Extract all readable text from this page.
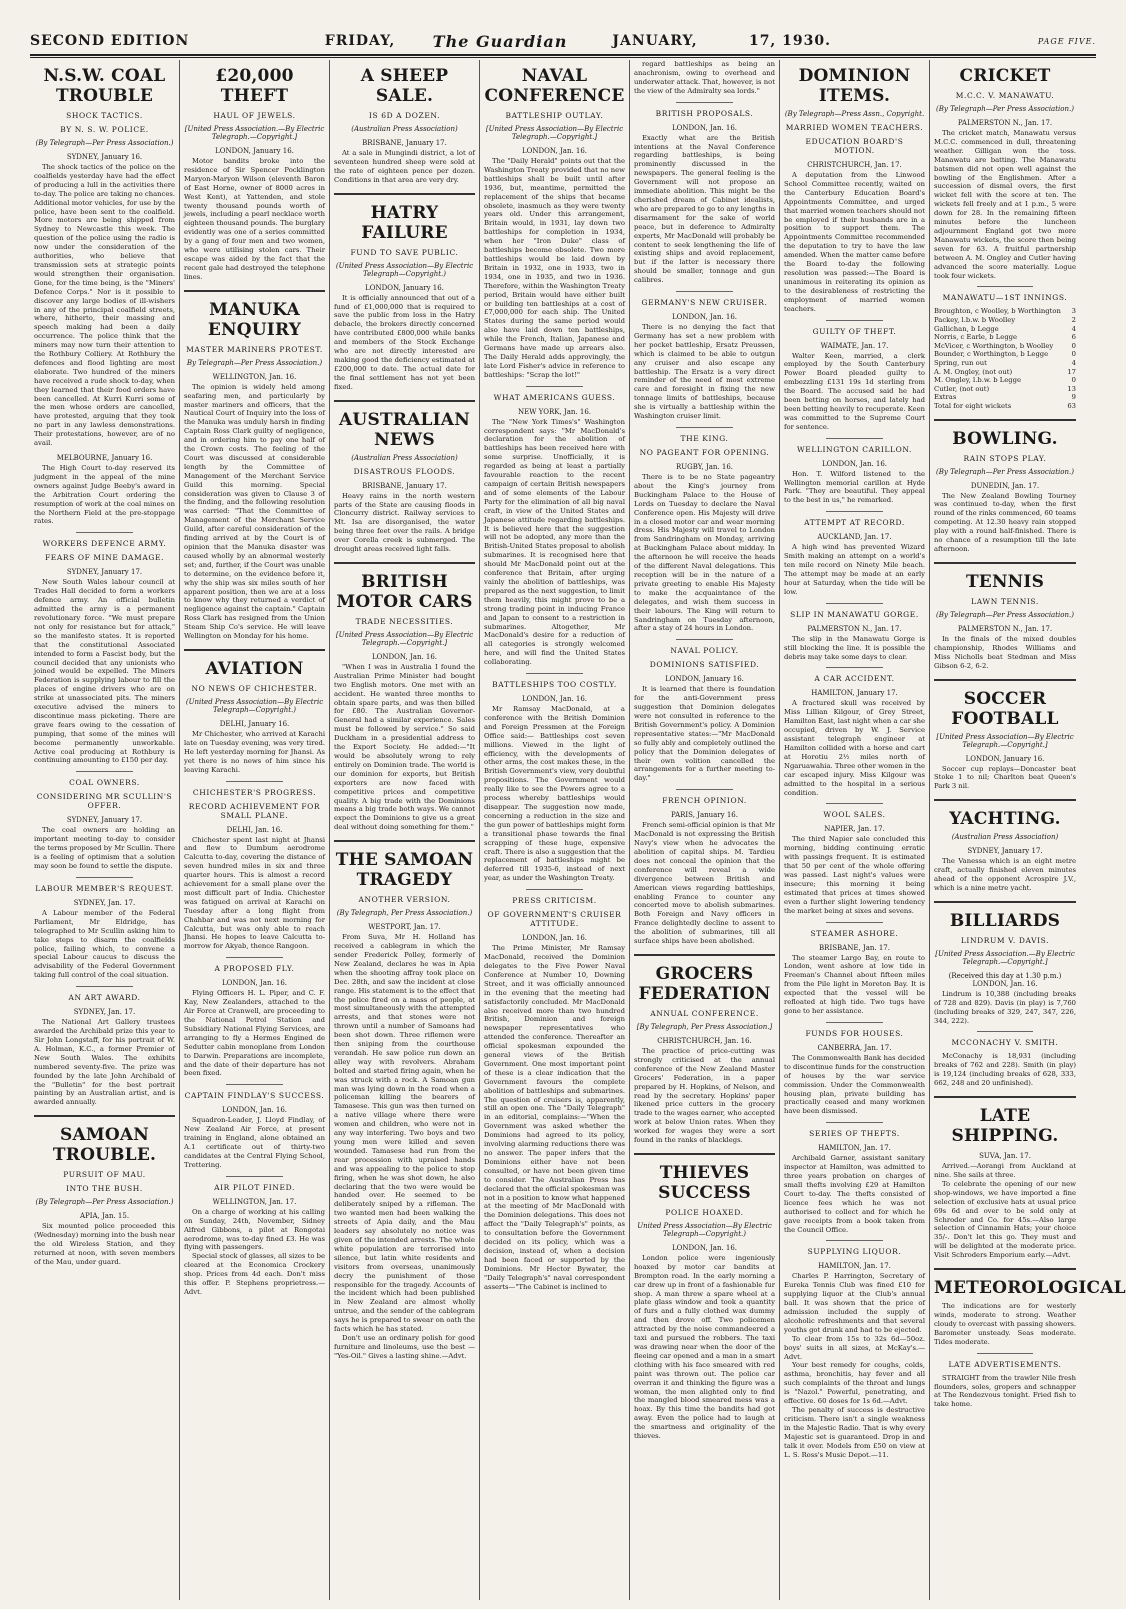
SECOND EDITION	FRIDAY,	The Guardian	JANUARY,	17, 1930.	PAGE FIVE.
N.S.W. COAL TROUBLE
SHOCK TACTICS.
BY N. S. W. POLICE.
(By Telegraph—Per Press Association.)
SYDNEY, January 16.

The shock tactics of the police on the coalfields yesterday have had the effect of producing a lull in the activities there to-day. The police are taking no chances. Additional motor vehicles, for use by the police, have been sent to the coalfield. More motors are being shipped from Sydney to Newcastle this week. The question of the police using the radio is now under the consideration of the authorities, who believe that transmission sets at strategic points would strengthen their organisation. Gone, for the time being, is the "Miners' Defence Corps." Nor is it possible to discover any large bodies of ill-wishers in any of the principal coalfield streets, where, hitherto, their massing and speech making had been a daily occurrence. The police think that the miners may now turn their attention to the Rothbury Colliery. At Rothbury the defences and flood lighting are most elaborate. Two hundred of the miners have received a rude shock to-day, when they learned that their food orders have been cancelled. At Kurri Kurri some of the men whose orders are cancelled, have protested, arguing that they took no part in any lawless demonstrations. Their protestations, however, are of no avail.

MELBOURNE, January 16.

The High Court to-day reserved its judgment in the appeal of the mine owners against Judge Beeby's award in the Arbitration Court ordering the resumption of work at the coal mines on the Northern Field at the pre-stoppage rates.

WORKERS DEFENCE ARMY.
FEARS OF MINE DAMAGE.
SYDNEY, January 17.

New South Wales labour council at Trades Hall decided to form a workers defence army. An official bulletin admitted the army is a permanent revolutionary force. "We must prepare not only for resistance but for attack," so the manifesto states. It is reported that the constitutional Associated intended to form a Fascist body, but the council decided that any unionists who joined would be expelled. The Miners Federation is supplying labour to fill the places of engine drivers who are on strike at unassociated pits. The miners executive advised the miners to discontinue mass picketing. There are grave fears owing to the cessation of pumping, that some of the mines will become permanently unworkable. Active coal producing at Rothbury is continuing amounting to £150 per day.

COAL OWNERS.
CONSIDERING MR SCULLIN'S OFFER.
SYDNEY, January 17.

The coal owners are holding an important meeting to-day to consider the terms proposed by Mr Scullin. There is a feeling of optimism that a solution may soon be found to settle the dispute.

LABOUR MEMBER'S REQUEST.
SYDNEY, Jan. 17.

A Labour member of the Federal Parliament, Mr Eldridge, has telegraphed to Mr Scullin asking him to take steps to disarm the coalfields police, failing which, to convene a special Labour caucus to discuss the advisability of the Federal Government taking full control of the coal situation.

AN ART AWARD.
SYDNEY, Jan. 17.

The National Art Gallery trustees awarded the Archibald prize this year to Sir John Longstaff, for his portrait of W. A. Holman, K.C., a former Premier of New South Wales. The exhibits numbered seventy-five. The prize was founded by the late John Archibald of the "Bulletin" for the best portrait painting by an Australian artist, and is awarded annually.

SAMOAN TROUBLE.
PURSUIT OF MAU.
INTO THE BUSH.
(By Telegraph—Per Press Association.)
APIA, Jan. 15.

Six mounted police proceeded this (Wednesday) morning into the bush near the old Wireless Station, and they returned at noon, with seven members of the Mau, under guard.

£20,000 THEFT
HAUL OF JEWELS.
[United Press Association.—By Electric Telegraph.—Copyright.]
LONDON, January 16.

Motor bandits broke into the residence of Sir Spencer Pocklington Maryon-Maryon Wilson (eleventh Baron of East Horne, owner of 8000 acres in West Kent), at Yattenden, and stole twenty thousand pounds worth of jewels, including a pearl necklace worth eighteen thousand pounds. The burglary evidently was one of a series committed by a gang of four men and two women, who were utilising stolen cars. Their escape was aided by the fact that the recent gale had destroyed the telephone lines.

MANUKA ENQUIRY
MASTER MARINERS PROTEST.
By Telegraph—Per Press Association.)
WELLINGTON, Jan. 16.

The opinion is widely held among seafaring men, and particularly by master mariners and officers, that the Nautical Court of Inquiry into the loss of the Manuka was unduly harsh in finding Captain Ross Clark guilty of negligence, and in ordering him to pay one half of the Crown costs. The feeling of the Court was discussed at considerable length by the Committee of Management of the Merchant Service Guild this morning. Special consideration was given to Clause 3 of the finding, and the following resolution was carried: "That the Committee of Management of the Merchant Service Guild, after careful consideration of the finding arrived at by the Court is of opinion that the Manuka disaster was caused wholly by an abnormal westerly set; and, further, if the Court was unable to determine, on the evidence before it, why the ship was six miles south of her apparent position, then we are at a loss to know why they returned a verdict of negligence against the captain." Captain Ross Clark has resigned from the Union Steam Ship Co's service. He will leave Wellington on Monday for his home.

AVIATION
NO NEWS OF CHICHESTER.
(United Press Association—By Electric Telegraph—Copyright.)
DELHI, January 16.

Mr Chichester, who arrived at Karachi late on Tuesday evening, was very tired. He left yesterday morning for Jhansi. As yet there is no news of him since his leaving Karachi.

CHICHESTER'S PROGRESS.
RECORD ACHIEVEMENT FOR SMALL PLANE.
DELHI, Jan. 16.

Chichester spent last night at Jhansi and flew to Dumbum aerodrome Calcutta to-day, covering the distance of seven hundred miles in six and three quarter hours. This is almost a record achievement for a small plane over the most difficult part of India. Chichester was fatigued on arrival at Karachi on Tuesday after a long flight from Chahbar and was not next morning for Calcutta, but was only able to reach Jhansi. He hopes to leave Calcutta to-morrow for Akyab, thence Rangoon.

A PROPOSED FLY.
LONDON, Jan. 16.

Flying Officers H. L. Piper, and C. F. Kay, New Zealanders, attached to the Air Force at Cranwell, are proceeding to the National Petrol Station and Subsidiary National Flying Services, are arranging to fly a Hermes Engined de Sedutter cabin monoplane from London to Darwin. Preparations are incomplete, and the date of their departure has not been fixed.

CAPTAIN FINDLAY'S SUCCESS.
LONDON, Jan. 16.

Squadron-Leader, J. Lloyd Findlay, of New Zealand Air Force, at present training in England, alone obtained an A.1 certificate out of thirty-two candidates at the Central Flying School, Trettering.

AIR PILOT FINED.
WELLINGTON, Jan. 17.

On a charge of working at his calling on Sunday, 24th, November, Sidney Alfred Gibbons, a pilot at Rongotai aerodrome, was to-day fined £3. He was flying with passengers.

Special stock of glasses, all sizes to be cleared at the Economica Crockery shop. Prices from 4d each. Don't miss this offer. P. Stephens proprietress.—Advt.

A SHEEP SALE.
IS 6D A DOZEN.
(Australian Press Association)
BRISBANE, January 17.

At a sale in Mungindi district, a lot of seventeen hundred sheep were sold at the rate of eighteen pence per dozen. Conditions in that area are very dry.

HATRY FAILURE
FUND TO SAVE PUBLIC.
(United Press Association—By Electric Telegraph—Copyright.)
LONDON, January 16.

It is officially announced that out of a fund of £1,000,000 that is required to save the public from loss in the Hatry debacle, the brokers directly concerned have contributed £800,000 while banks and members of the Stock Exchange who are not directly interested are making good the deficiency estimated at £200,000 to date. The actual date for the final settlement has not yet been fixed.

AUSTRALIAN NEWS
(Australian Press Association)
DISASTROUS FLOODS.
BRISBANE, January 17.

Heavy rains in the north western parts of the State are causing floods in Cloncurry district. Railway services to Mt. Isa are disorganised, the water being three feet over the rails. A bridge over Corella creek is submerged. The drought areas received light falls.

BRITISH MOTOR CARS
TRADE NECESSITIES.
[United Press Association—By Electric Telegraph.—Copyright.]
LONDON, Jan. 16.

"When I was in Australia I found the Australian Prime Minister had bought two English motors. One met with an accident. He wanted three months to obtain spare parts, and was then billed for £80. The Australian Governor-General had a similar experience. Sales must be followed by service." So said Duckham in a presidential address to the Export Society. He added:—"It would be absolutely wrong to rely entirely on Dominion trade. The world is our dominion for exports, but British exporters are now faced with competitive prices and competitive quality. A big trade with the Dominions means a big trade both ways. We cannot expect the Dominions to give us a great deal without doing something for them."

THE SAMOAN TRAGEDY
ANOTHER VERSION.
(By Telegraph, Per Press Association.)
WESTPORT, Jan. 17.

From Suva, Mr H. Holland has received a cablegram in which the sender Frederick Polley, formerly of New Zealand, declares he was in Apia when the shooting affray took place on Dec. 28th, and saw the incident at close range. His statement is to the effect that the police fired on a mass of people, at most simultaneously with the attempted arrests, and that stones were not thrown until a number of Samoans had been shot down. Three riflemen were then sniping from the courthouse verandah. He saw police run down an alley way with revolvers. Abraham bolted and started firing again, when he was struck with a rock. A Samoan gun man was lying down in the road when a policeman killing the bearers of Tamasese. This gun was then turned on a native village where there were women and children, who were not in any way interfering. Two boys and two young men were killed and seven wounded. Tamasese had run from the rear procession with upraised hands and was appealing to the police to stop firing, when he was shot down, he also declaring that the two were would be handed over. He seemed to be deliberately sniped by a rifleman. The two wanted men had been walking the streets of Apia daily, and the Mau leaders say absolutely no notice was given of the intended arrests. The whole white population are terrorised into silence, but latin white residents and visitors from overseas, unanimously decry the punishment of those responsible for the tragedy. Accounts of the incident which had been published in New Zealand are almost wholly untrue, and the sender of the cablegram says he is prepared to swear on oath the facts which he has stated.

Don't use an ordinary polish for good furniture and linoleums, use the best — "Yes-Oil." Gives a lasting shine.—Advt.

NAVAL CONFERENCE
BATTLESHIP OUTLAY.
[United Press Association—By Electric Telegraph.—Copyright.]
LONDON, Jan. 16.

The "Daily Herald" points out that the Washington Treaty provided that no new battleships shall be built until after 1936, but, meantime, permitted the replacement of the ships that became obsolete, inasmuch as they were twenty years old. Under this arrangement, Britain would, in 1931, lay down two battleships for completion in 1934, when her "Iron Duke" class of battleships become obsolete. Two more battleships would be laid down by Britain in 1932, one in 1933, two in 1934, one in 1935, and two in 1936. Therefore, within the Washington Treaty period, Britain would have either built or building ten battleships at a cost of £7,000,000 for each ship. The United States during the same period would also have laid down ten battleships, while the French, Italian, Japanese and Germans have made up arrears also. The Daily Herald adds approvingly, the late Lord Fisher's advice in reference to battleships: "Scrap the lot!"

WHAT AMERICANS GUESS.
NEW YORK, Jan. 16.

The "New York Times's" Washington correspondent says: "Mr MacDonald's declaration for the abolition of battleships has been received here with some surprise. Unofficially, it is regarded as being at least a partially favourable reaction to the recent campaign of certain British newspapers and of some elements of the Labour Party for the elimination of all big naval craft, in view of the United States and Japanese attitude regarding battleships. It is believed here that the suggestion will not be adopted, any more than the British-United States proposal to abolish submarines. It is recognised here that should Mr MacDonald point out at the conference that Britain, after urging vainly the abolition of battleships, was prepared as the next suggestion, to limit them heavily, this might prove to be a strong trading point in inducing France and Japan to consent to a restriction in submarines. Altogether, Mr MacDonald's desire for a reduction of all categories is strongly welcomed here, and will find the United States collaborating.

BATTLESHIPS TOO COSTLY.
LONDON, Jan. 16.

Mr Ramsay MacDonald, at a conference with the British Dominion and Foreign Pressmen at the Foreign Office said:— Battleships cost seven millions. Viewed in the light of efficiency, with the developments of other arms, the cost makes these, in the British Government's view, very doubtful propositions. The Government would really like to see the Powers agree to a process whereby battleships would disappear. The suggestion now made, concerning a reduction in the size and the gun power of battleships might form a transitional phase towards the final scrapping of these huge, expensive craft. There is also a suggestion that the replacement of battleships might be deferred till 1935-6, instead of next year, as under the Washington Treaty.

PRESS CRITICISM.
OF GOVERNMENT'S CRUISER ATTITUDE.
LONDON, Jan. 16.

The Prime Minister, Mr Ramsay MacDonald, received the Dominion delegates to the Five Power Naval Conference at Number 10, Downing Street, and it was officially announced in the evening that the meeting had satisfactorily concluded. Mr MacDonald also received more than two hundred British, Dominion and foreign newspaper representatives who attended the conference. Thereafter an official spokesman expounded the general views of the British Government. One most important point of these is a clear indication that the Government favours the complete abolition of battleships and submarines. The question of cruisers is, apparently, still an open one. The "Daily Telegraph" in an editorial, complains:—"When the Government was asked whether the Dominions had agreed to its policy, involving alarming reductions there was no answer. The paper infers that the Dominions either have not been consulted, or have not been given time to consider. The Australian Press has declared that the official spokesman was not in a position to know what happened at the meeting of Mr MacDonald with the Dominion delegations. This does not affect the "Daily Telegraph's" points, as to consultation before the Government decided on its policy, which was a decision, instead of, when a decision had been faced or supported by the Dominions. Mr Hector Bywater, the "Daily Telegraph's" naval correspondent asserts—"The Cabinet is inclined to

regard battleships as being an anachronism, owing to overhead and underwater attack. That, however, is not the view of the Admiralty sea lords."

BRITISH PROPOSALS.
LONDON, Jan. 16.

Exactly what are the British intentions at the Naval Conference regarding battleships, is being prominently discussed in the newspapers. The general feeling is the Government will not propose an immediate abolition. This might be the cherished dream of Cabinet idealists, who are prepared to go to any lengths in disarmament for the sake of world peace, but in deference to Admiralty experts, Mr MacDonald will probably be content to seek lengthening the life of existing ships and avoid replacement, but if the latter is necessary there should be smaller, tonnage and gun calibres.

GERMANY'S NEW CRUISER.
LONDON, Jan. 16.

There is no denying the fact that Germany has set a new problem with her pocket battleship, Ersatz Preussen, which is claimed to be able to outgun any cruiser and also escape any battleship. The Ersatz is a very direct reminder of the need of most extreme care and foresight in fixing the new tonnage limits of battleships, because she is virtually a battleship within the Washington cruiser limit.

THE KING.
NO PAGEANT FOR OPENING.
RUGBY, Jan. 16.

There is to be no State pageantry about the King's journey from Buckingham Palace to the House of Lords on Tuesday to declare the Naval Conference open. His Majesty will drive in a closed motor car and wear morning dress. His Majesty will travel to London from Sandringham on Monday, arriving at Buckingham Palace about midday. In the afternoon he will receive the heads of the different Naval delegations. This reception will be in the nature of a private greeting to enable His Majesty to make the acquaintance of the delegates, and wish them success in their labours. The King will return to Sandringham on Tuesday afternoon, after a stay of 24 hours in London.

NAVAL POLICY.
DOMINIONS SATISFIED.
LONDON, January 16.

It is learned that there is foundation for the anti-Government press suggestion that Dominion delegates were not consulted in reference to the British Government's policy. A Dominion representative states:—"Mr MacDonald so fully ably and completely outlined the policy that the Dominion delegates of their own volition cancelled the arrangements for a further meeting to-day."

FRENCH OPINION.
PARIS, January 16.

French semi-official opinion is that Mr MacDonald is not expressing the British Navy's view when he advocates the abolition of capital ships. M. Tardieu does not conceal the opinion that the conference will reveal a wide divergence between British and American views regarding battleships, enabling France to counter any concerted move to abolish submarines. Both Foreign and Navy officers in France delightedly decline to assent to the abolition of submarines, till all surface ships have been abolished.

GROCERS FEDERATION
ANNUAL CONFERENCE.
[By Telegraph, Per Press Association.]
CHRISTCHURCH, Jan. 16.

The practice of price-cutting was strongly criticised at the annual conference of the New Zealand Master Grocers' Federation, in a paper prepared by H. Hopkins, of Nelson, and read by the secretary. Hopkins' paper likened price cutters in the grocery trade to the wages earner, who accepted work at below Union rates. When they worked for wages they were a sort found in the ranks of blacklegs.

THIEVES SUCCESS
POLICE HOAXED.
United Press Association—By Electric Telegraph—Copyright.)
LONDON, Jan. 16.

London police were ingeniously hoaxed by motor car bandits at Brompton road. In the early morning a car drew up in front of a fashionable fur shop. A man threw a spare wheel at a plate glass window and took a quantity of furs and a fully clothed wax dummy and then drove off. Two policemen attracted by the noise commandeered a taxi and pursued the robbers. The taxi was drawing near when the door of the fleeing car opened and a man in a smart clothing with his face smeared with red paint was thrown out. The police car overran it and thinking the figure was a woman, the men alighted only to find the mangled blood smeared mess was a hoax. By this time the bandits had got away. Even the police had to laugh at the smartness and originality of the thieves.

DOMINION ITEMS.
(By Telegraph—Press Assn., Copyright.
MARRIED WOMEN TEACHERS.
EDUCATION BOARD'S MOTION.
CHRISTCHURCH, Jan. 17.

A deputation from the Linwood School Committee recently, waited on the Canterbury Education Board's Appointments Committee, and urged that married women teachers should not be employed if their husbands are in a position to support them. The Appointments Committee recommended the deputation to try to have the law amended. When the matter came before the Board to-day the following resolution was passed:—The Board is unanimous in reiterating its opinion as to the desirableness of restricting the employment of married women teachers.

GUILTY OF THEFT.
WAIMATE, Jan. 17.

Walter Keen, married, a clerk employed by the South Canterbury Power Board pleaded guilty to embezzling £131 19s 1d sterling from the Board. The accused said he had been betting on horses, and lately had been betting heavily to recuperate. Keen was committed to the Supreme Court for sentence.

WELLINGTON CARILLON.
LONDON, Jan. 16.

Hon. T. Wilford listened to the Wellington memorial carillon at Hyde Park. "They are beautiful. They appeal to the best in us," he remarked.

ATTEMPT AT RECORD.
AUCKLAND, Jan. 17.

A high wind has prevented Wizard Smith making an attempt on a world's ten mile record on Ninety Mile beach. The attempt may be made at an early hour at Saturday, when the tide will be low.

SLIP IN MANAWATU GORGE.
PALMERSTON N., Jan. 17.

The slip in the Manawatu Gorge is still blocking the line. It is possible the debris may take some days to clear.

A CAR ACCIDENT.
HAMILTON, January 17.

A fractured skull was received by Miss Lillian Kilgour, of Grey Street, Hamilton East, last night when a car she occupied, driven by W. J. Service assistant telegraph engineer at Hamilton collided with a horse and cart at Horotiu 2½ miles north of Ngaruawahia. Three other women in the car escaped injury. Miss Kilgour was admitted to the hospital in a serious condition.

WOOL SALES.
NAPIER, Jan. 17.

The third Napier sale concluded this morning, bidding continuing erratic with passings frequent. It is estimated that 50 per cent of the whole offering was passed. Last night's values were insecure; this morning it being estimated that prices at times showed even a further slight lowering tendency the market being at sixes and sevens.

STEAMER ASHORE.
BRISBANE, Jan. 17.

The steamer Largo Bay, en route to London, went ashore at low tide in Freeman's Channel about fifteen miles from the Pile light in Moreton Bay. It is expected that the vessel will be refloated at high tide. Two tugs have gone to her assistance.

FUNDS FOR HOUSES.
CANBERRA, Jan. 17.

The Commonwealth Bank has decided to discontinue funds for the construction of houses by the war service commission. Under the Commonwealth housing plan, private building has practically ceased and many workmen have been dismissed.

SERIES OF THEFTS.
HAMILTON, Jan. 17.

Archibald Garner, assistant sanitary inspector at Hamilton, was admitted to three years probation on charges of small thefts involving £29 at Hamilton Court to-day. The thefts consisted of licence fees which he was not authorised to collect and for which he gave receipts from a book taken from the Council Office.

SUPPLYING LIQUOR.
HAMILTON, Jan. 17.

Charles P. Harrington, Secretary of Eureka Tennis Club was fined £10 for supplying liquor at the Club's annual ball. It was shown that the price of admission included the supply of alcoholic refreshments and that several youths got drunk and had to be ejected.

To clear from 15s to 32s 6d—50oz. boys' suits in all sizes, at McKay's.—Advt.

Your best remedy for coughs, colds, asthma, bronchitis, hay fever and all such complaints of the throat and lungs is "Nazol." Powerful, penetrating, and effective. 60 doses for 1s 6d.—Advt.

The penalty of success is destructive criticism. There isn't a single weakness in the Majestic Radio. That is why every Majestic set is guaranteed. Drop in and talk it over. Models from £50 on view at L. S. Ross's Music Depot.—11.

CRICKET
M.C.C. V. MANAWATU.
(By Telegraph—Per Press Association.)
PALMERSTON N., Jan. 17.

The cricket match, Manawatu versus M.C.C. commenced in dull, threatening weather. Gilligan won the toss. Manawatu are batting. The Manawatu batsmen did not open well against the bowling of the Englishmen. After a succession of dismal overs, the first wicket fell with the score at ten. The wickets fell freely and at 1 p.m., 5 were down for 28. In the remaining fifteen minutes before the luncheon adjournment England got two more Manawatu wickets, the score then being seven for 63. A fruitful partnership between A. M. Ongley and Cutler having advanced the score materially. Logue took four wickets.

MANAWATU—1ST INNINGS.
Broughton, c Woolley, b Worthington 3
Packey, l.b.w. b Woolley	2
Gallichan, b Legge	4
Norris, c Earle, b Legge	6
McVicer, c Worthington, b Woolley	0
Bounder, c Worthington, b Legge	0
Spring, run out	4
A. M. Ongley, (not out)	17
M. Ongley, l.b.w. b Legge	0
Cutler, (not out)	13
Extras	9
Total for eight wickets	63
BOWLING.
RAIN STOPS PLAY.
(By Telegraph—Per Press Association.)
DUNEDIN, Jan. 17.

The New Zealand Bowling Tourney was continued to-day, when the first round of the rinks commenced, 60 teams competing. At 12.30 heavy rain stopped play with a round half-finished. There is no chance of a resumption till the late afternoon.

TENNIS
LAWN TENNIS.
(By Telegraph—Per Press Association.)
PALMERSTON N., Jan. 17.

In the finals of the mixed doubles championship, Rhodes Williams and Miss Nicholls beat Stedman and Miss Gibson 6-2, 6-2.

SOCCER FOOTBALL
[United Press Association—By Electric Telegraph.—Copyright.]
LONDON, January 16.

Soccer cup replays—Doncaster beat Stoke 1 to nil; Charlton beat Queen's Park 3 nil.

YACHTING.
(Australian Press Association)
SYDNEY, January 17.

The Vanessa which is an eight metre craft, actually finished eleven minutes ahead of the opponent Acrospire J.V., which is a nine metre yacht.

BILLIARDS
LINDRUM V. DAVIS.
[United Press Association.—By Electric Telegraph.—Copyright.]
(Received this day at 1.30 p.m.) LONDON, Jan. 16.

Lindrum is 10,388 (including breaks of 728 and 829). Davis (in play) is 7,760 (including breaks of 329, 247, 347, 226, 344, 222).

MCCONACHY V. SMITH.

McConachy is 18,931 (including breaks of 762 and 228). Smith (in play) is 19,124 (including breaks of 628, 333, 662, 248 and 20 unfinished).

LATE SHIPPING.
SUVA, Jan. 17.

Arrived.—Aorangi from Auckland at nine. She sails at three.

To celebrate the opening of our new shop-windows, we have imported a fine selection of exclusive hats at usual price 69s 6d and over to be sold only at Schroder and Co. for 45s.—Also large selection of Cinnamin Hats; your choice 35/-. Don't let this go. They must and will be delighted at the moderate price. Visit Schroders Emporium early.—Advt.

METEOROLOGICAL

The indications are for westerly winds, moderate to strong. Weather cloudy to overcast with passing showers. Barometer unsteady. Seas moderate. Tides moderate.

LATE ADVERTISEMENTS.

STRAIGHT from the trawler Nile fresh flounders, soles, gropers and schnapper at The Rendezvous tonight. Fried fish to take home.
